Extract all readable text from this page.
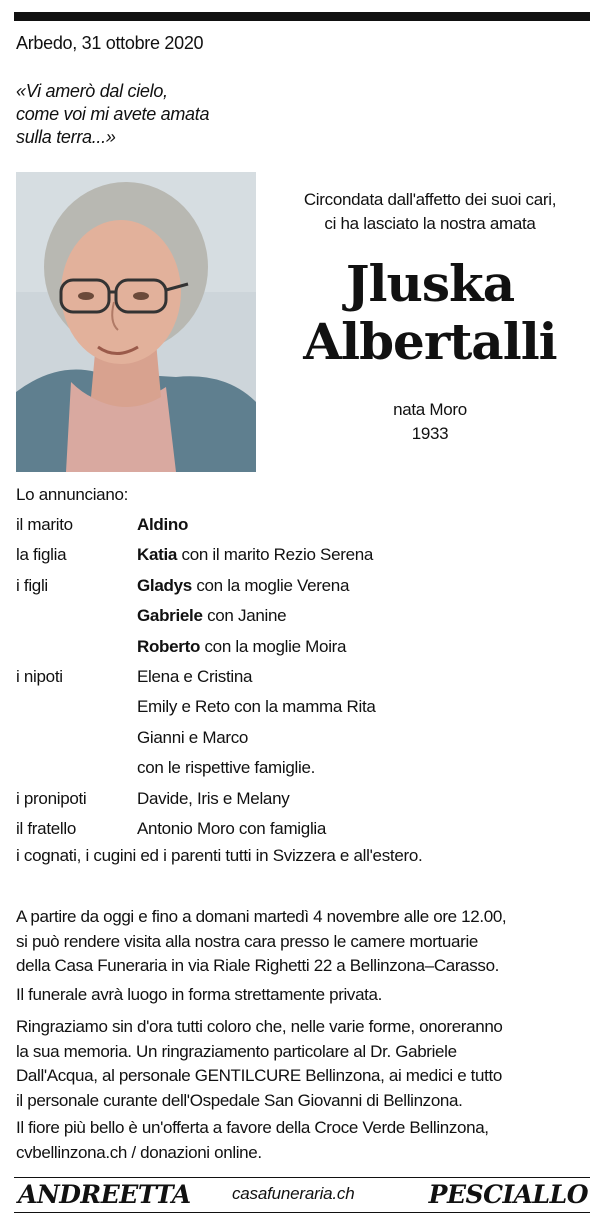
Arbedo, 31 ottobre 2020
«Vi amerò dal cielo,
come voi mi avete amata
sulla terra...»
Circondata dall'affetto dei suoi cari,
ci ha lasciato la nostra amata
Jluska
Albertalli
nata Moro
1933
Lo annunciano:
il marito	Aldino
la figlia	Katia con il marito Rezio Serena
i figli	Gladys con la moglie Verena
Gabriele con Janine
Roberto con la moglie Moira
i nipoti	Elena e Cristina
Emily e Reto con la mamma Rita
Gianni e Marco
con le rispettive famiglie.
i pronipoti	Davide, Iris e Melany
il fratello	Antonio Moro con famiglia
i cognati, i cugini ed i parenti tutti in Svizzera e all'estero.
A partire da oggi e fino a domani martedì 4 novembre alle ore 12.00,
si può rendere visita alla nostra cara presso le camere mortuarie
della Casa Funeraria in via Riale Righetti 22 a Bellinzona–Carasso.
Il funerale avrà luogo in forma strettamente privata.
Ringraziamo sin d'ora tutti coloro che, nelle varie forme, onoreranno
la sua memoria. Un ringraziamento particolare al Dr. Gabriele
Dall'Acqua, al personale GENTILCURE Bellinzona, ai medici e tutto
il personale curante dell'Ospedale San Giovanni di Bellinzona.
Il fiore più bello è un'offerta a favore della Croce Verde Bellinzona,
cvbellinzona.ch / donazioni online.
ANDREETTA casafuneraria.ch	PESCIALLO
